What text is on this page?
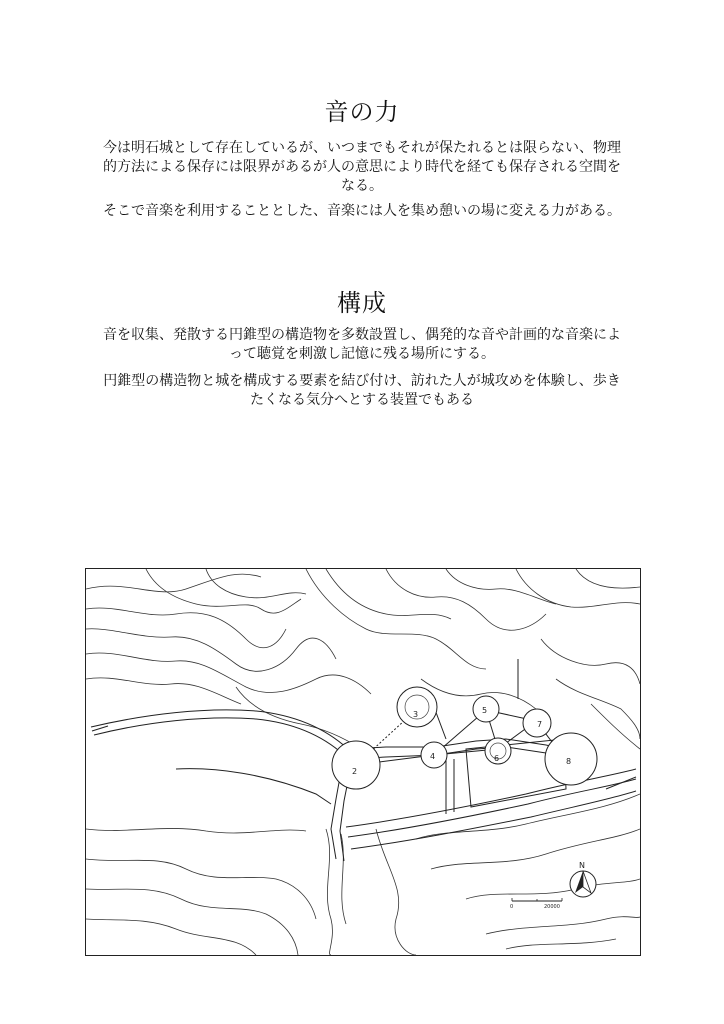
音の力

今は明石城として存在しているが、いつまでもそれが保たれるとは限らない、物理的方法による保存には限界があるが人の意思により時代を経ても保存される空間をなる。

そこで音楽を利用することとした、音楽には人を集め憩いの場に変える力がある。

構成

音を収集、発散する円錐型の構造物を多数設置し、偶発的な音や計画的な音楽によって聴覚を刺激し記憶に残る場所にする。

円錐型の構造物と城を構成する要素を結び付け、訪れた人が城攻めを体験し、歩きたくなる気分へとする装置でもある

2
3
4
5
6
7
8
N
0	20000
